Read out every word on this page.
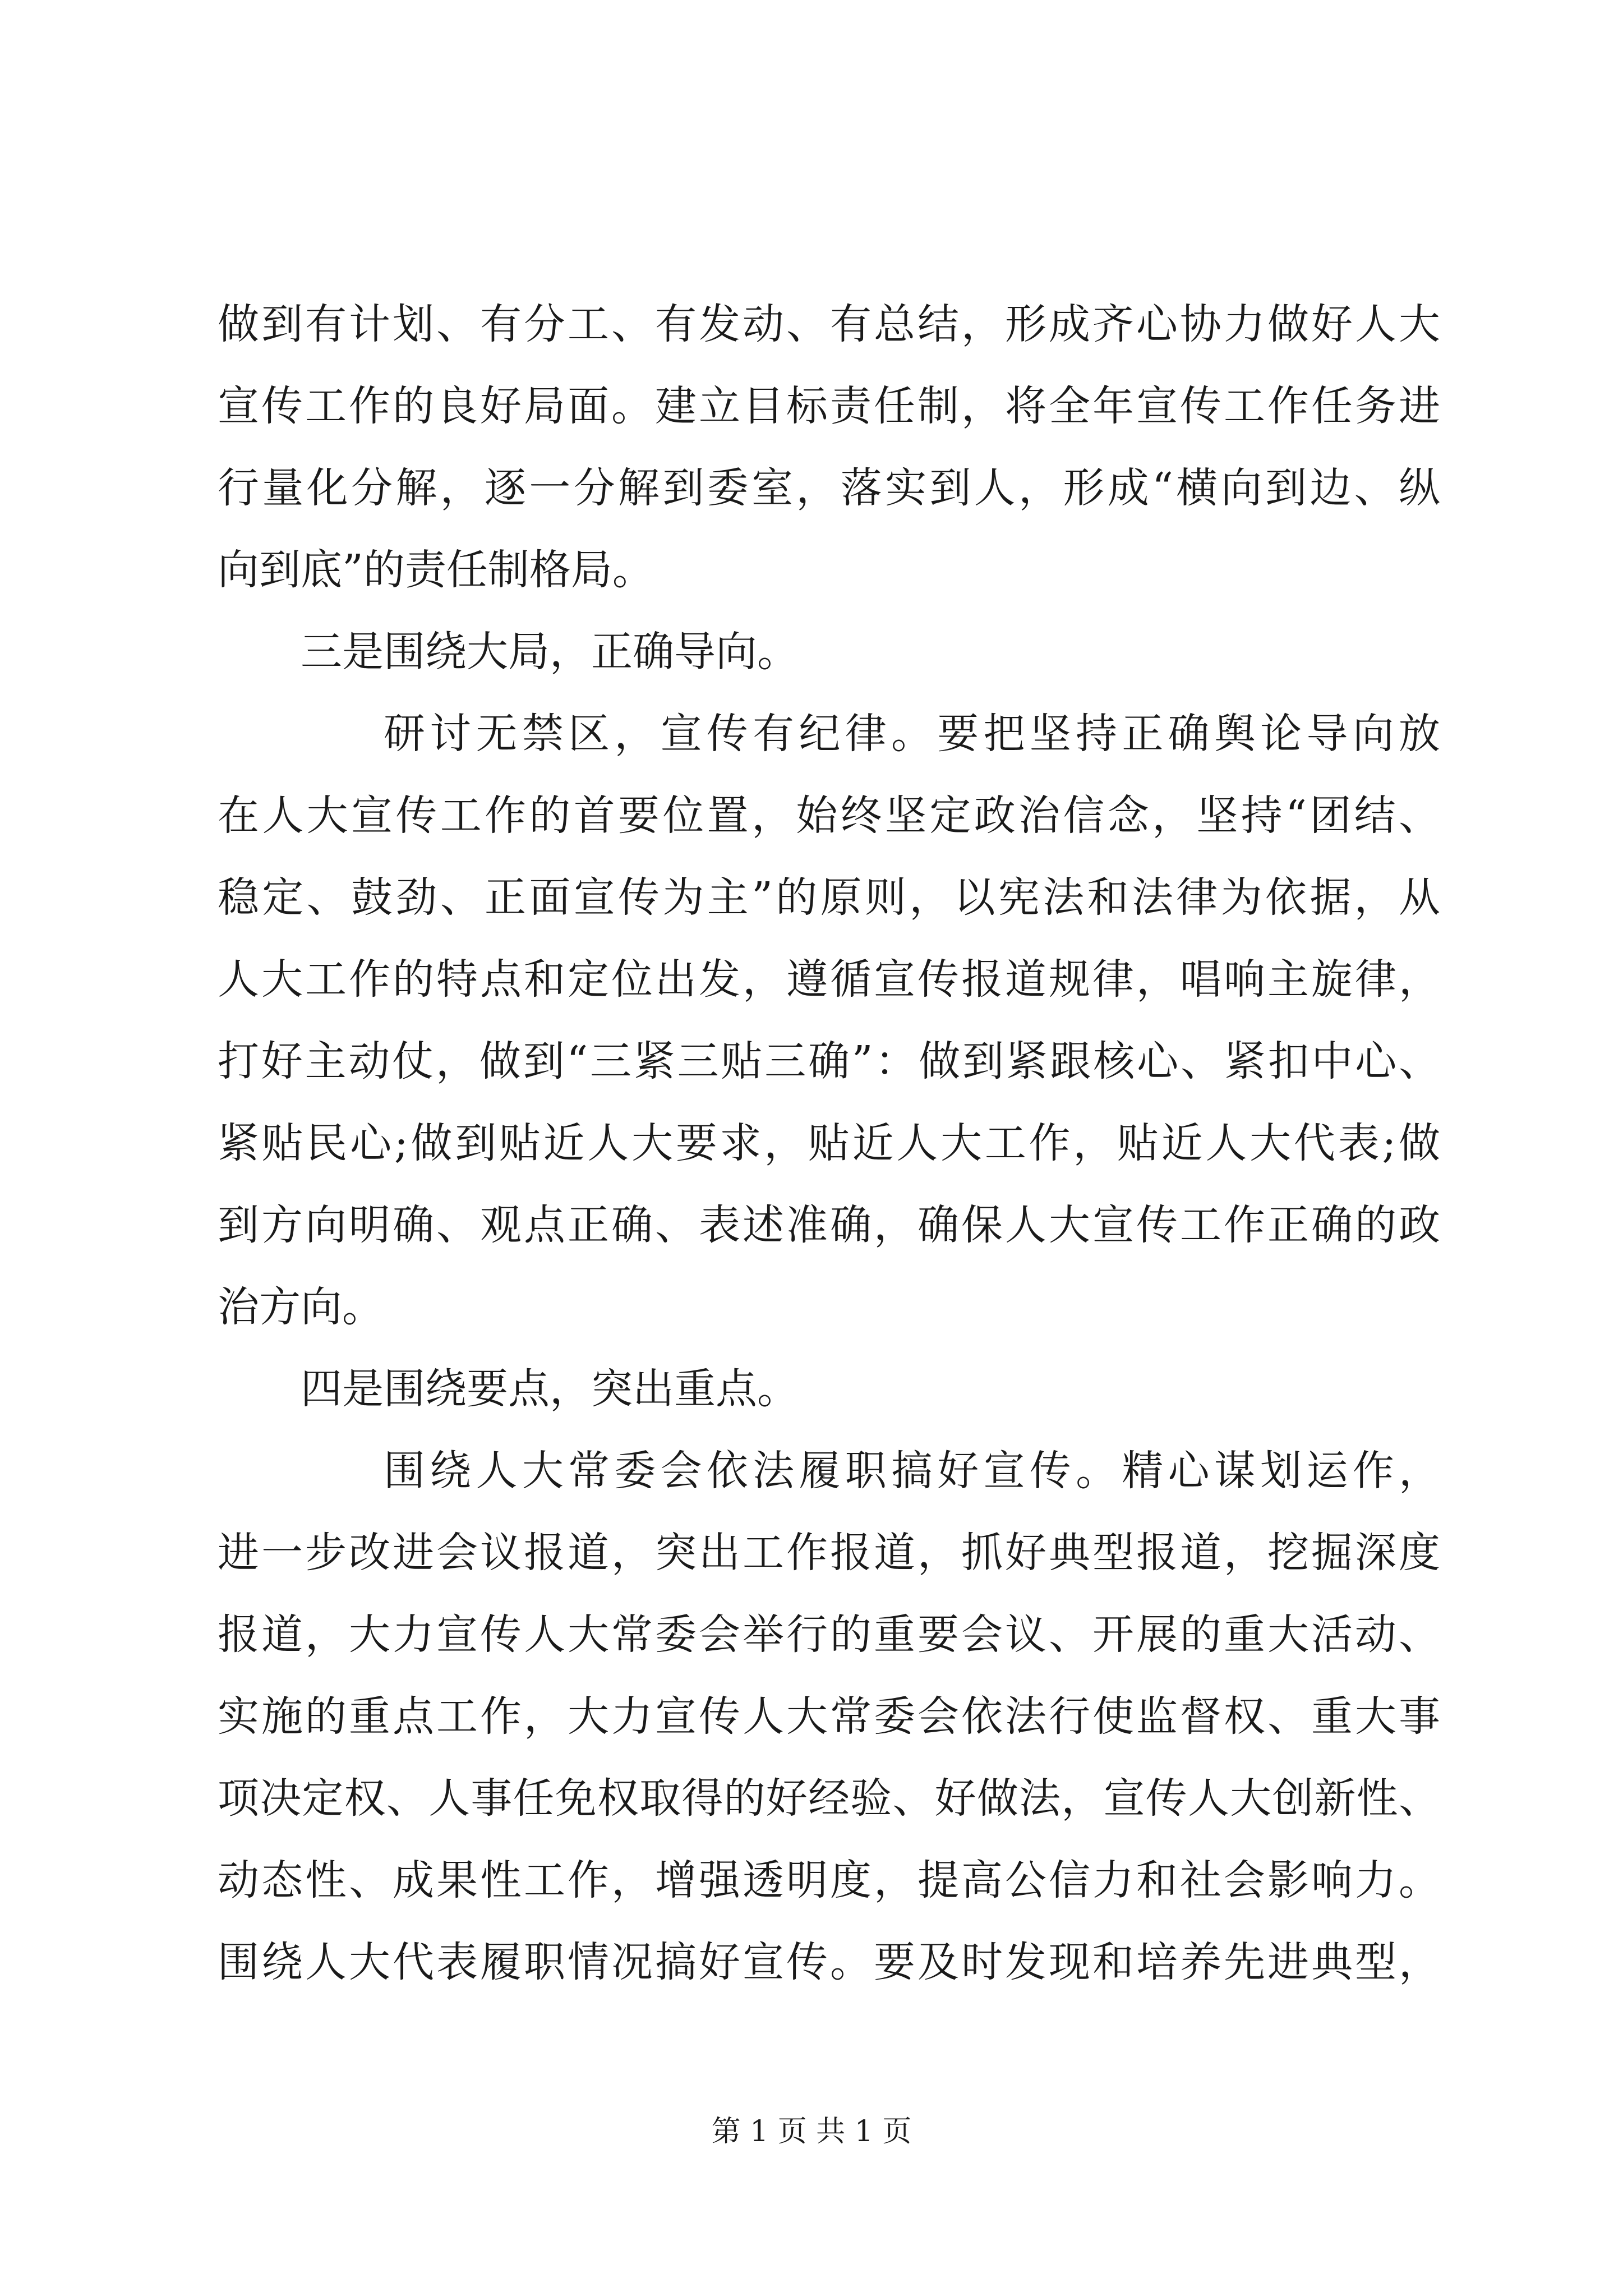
做到有计划、有分工、有发动、有总结，形成齐心协力做好人大
宣传工作的良好局面。建立目标责任制，将全年宣传工作任务进
行量化分解，逐一分解到委室，落实到人，形成“横向到边、纵
向到底”的责任制格局。
三是围绕大局，正确导向。
研讨无禁区，宣传有纪律。要把坚持正确舆论导向放
在人大宣传工作的首要位置，始终坚定政治信念，坚持“团结、
稳定、鼓劲、正面宣传为主”的原则，以宪法和法律为依据，从
人大工作的特点和定位出发，遵循宣传报道规律，唱响主旋律，
打好主动仗，做到“三紧三贴三确”：做到紧跟核心、紧扣中心、
紧贴民心;做到贴近人大要求，贴近人大工作，贴近人大代表;做
到方向明确、观点正确、表述准确，确保人大宣传工作正确的政
治方向。
四是围绕要点，突出重点。
围绕人大常委会依法履职搞好宣传。精心谋划运作，
进一步改进会议报道，突出工作报道，抓好典型报道，挖掘深度
报道，大力宣传人大常委会举行的重要会议、开展的重大活动、
实施的重点工作，大力宣传人大常委会依法行使监督权、重大事
项决定权、人事任免权取得的好经验、好做法，宣传人大创新性、
动态性、成果性工作，增强透明度，提高公信力和社会影响力。
围绕人大代表履职情况搞好宣传。要及时发现和培养先进典型，
第 1 页 共 1 页
